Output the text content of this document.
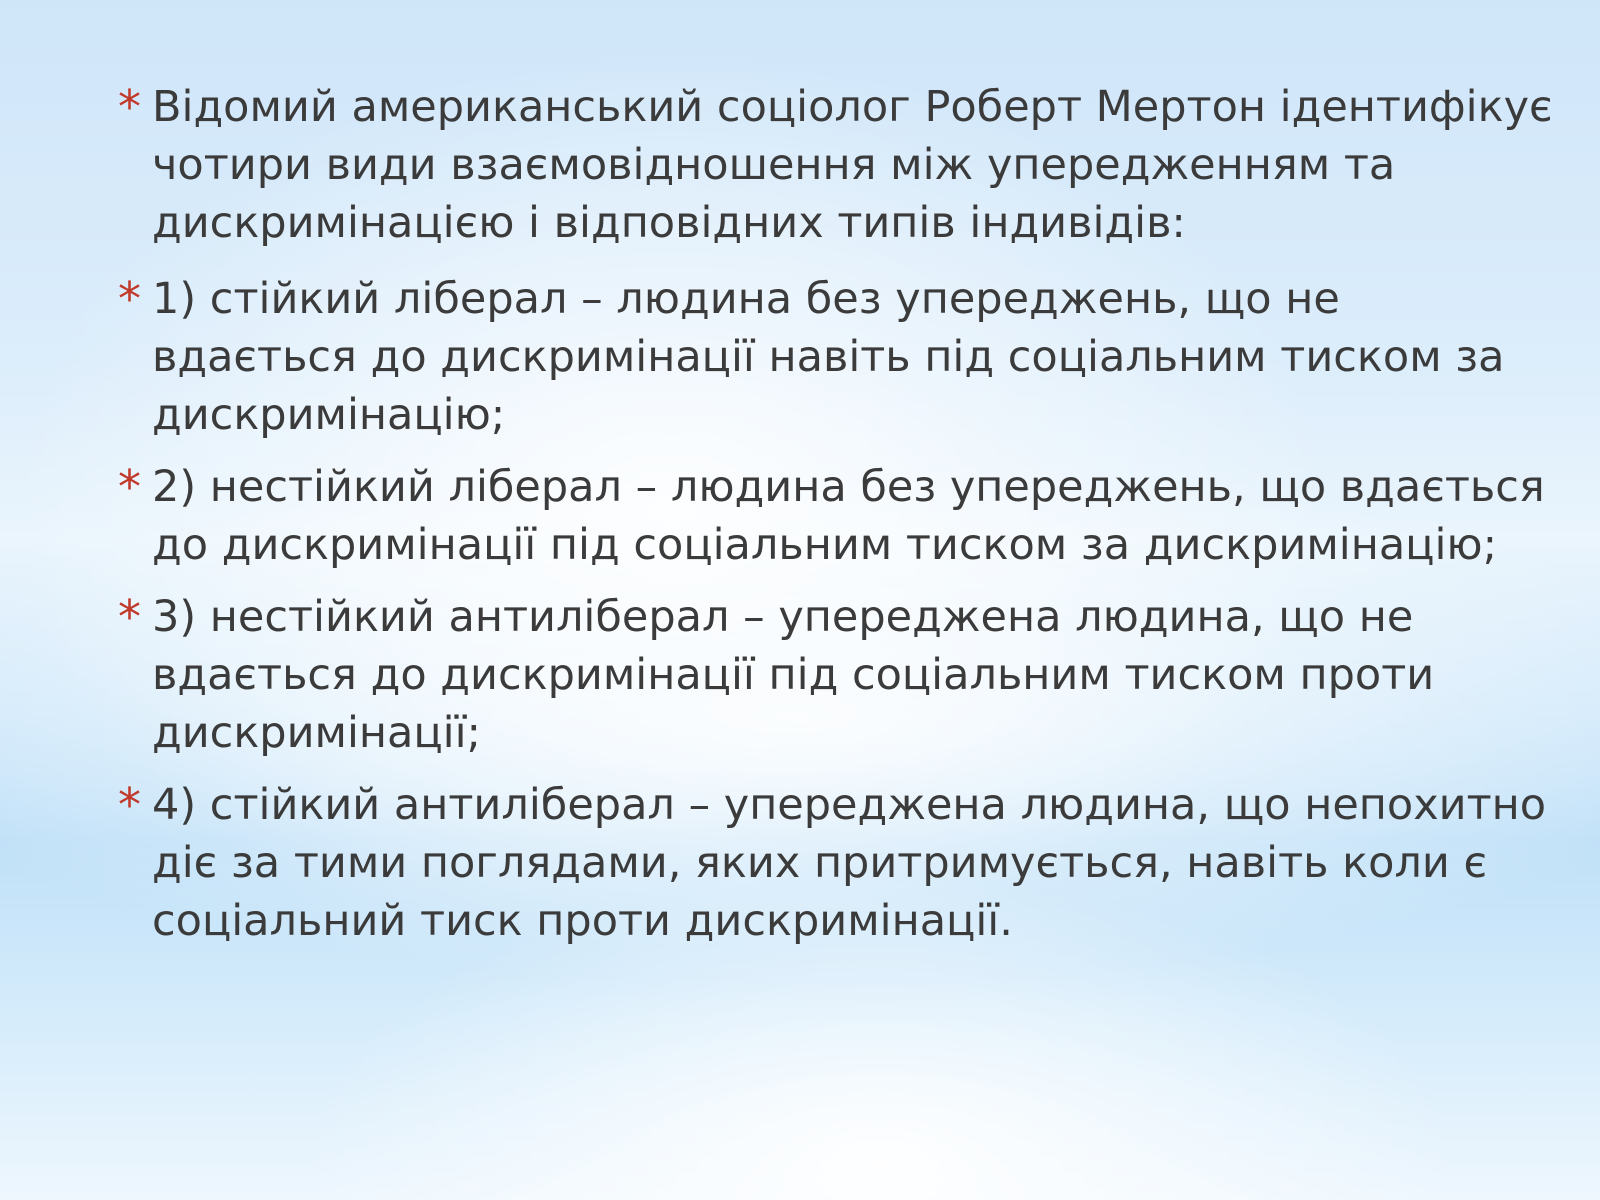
* Відомий американський соціолог Роберт Мертон ідентифікує чотири види взаємовідношення між упередженням та дискримінацією і відповідних типів індивідів:
* 1) стійкий ліберал – людина без упереджень, що не вдається до дискримінації навіть під соціальним тиском за дискримінацію;
* 2) нестійкий ліберал – людина без упереджень, що вдається до дискримінації під соціальним тиском за дискримінацію;
* 3) нестійкий антиліберал – упереджена людина, що не вдається до дискримінації під соціальним тиском проти дискримінації;
* 4) стійкий антиліберал – упереджена людина, що непохитно діє за тими поглядами, яких притримується, навіть коли є соціальний тиск проти дискримінації.
